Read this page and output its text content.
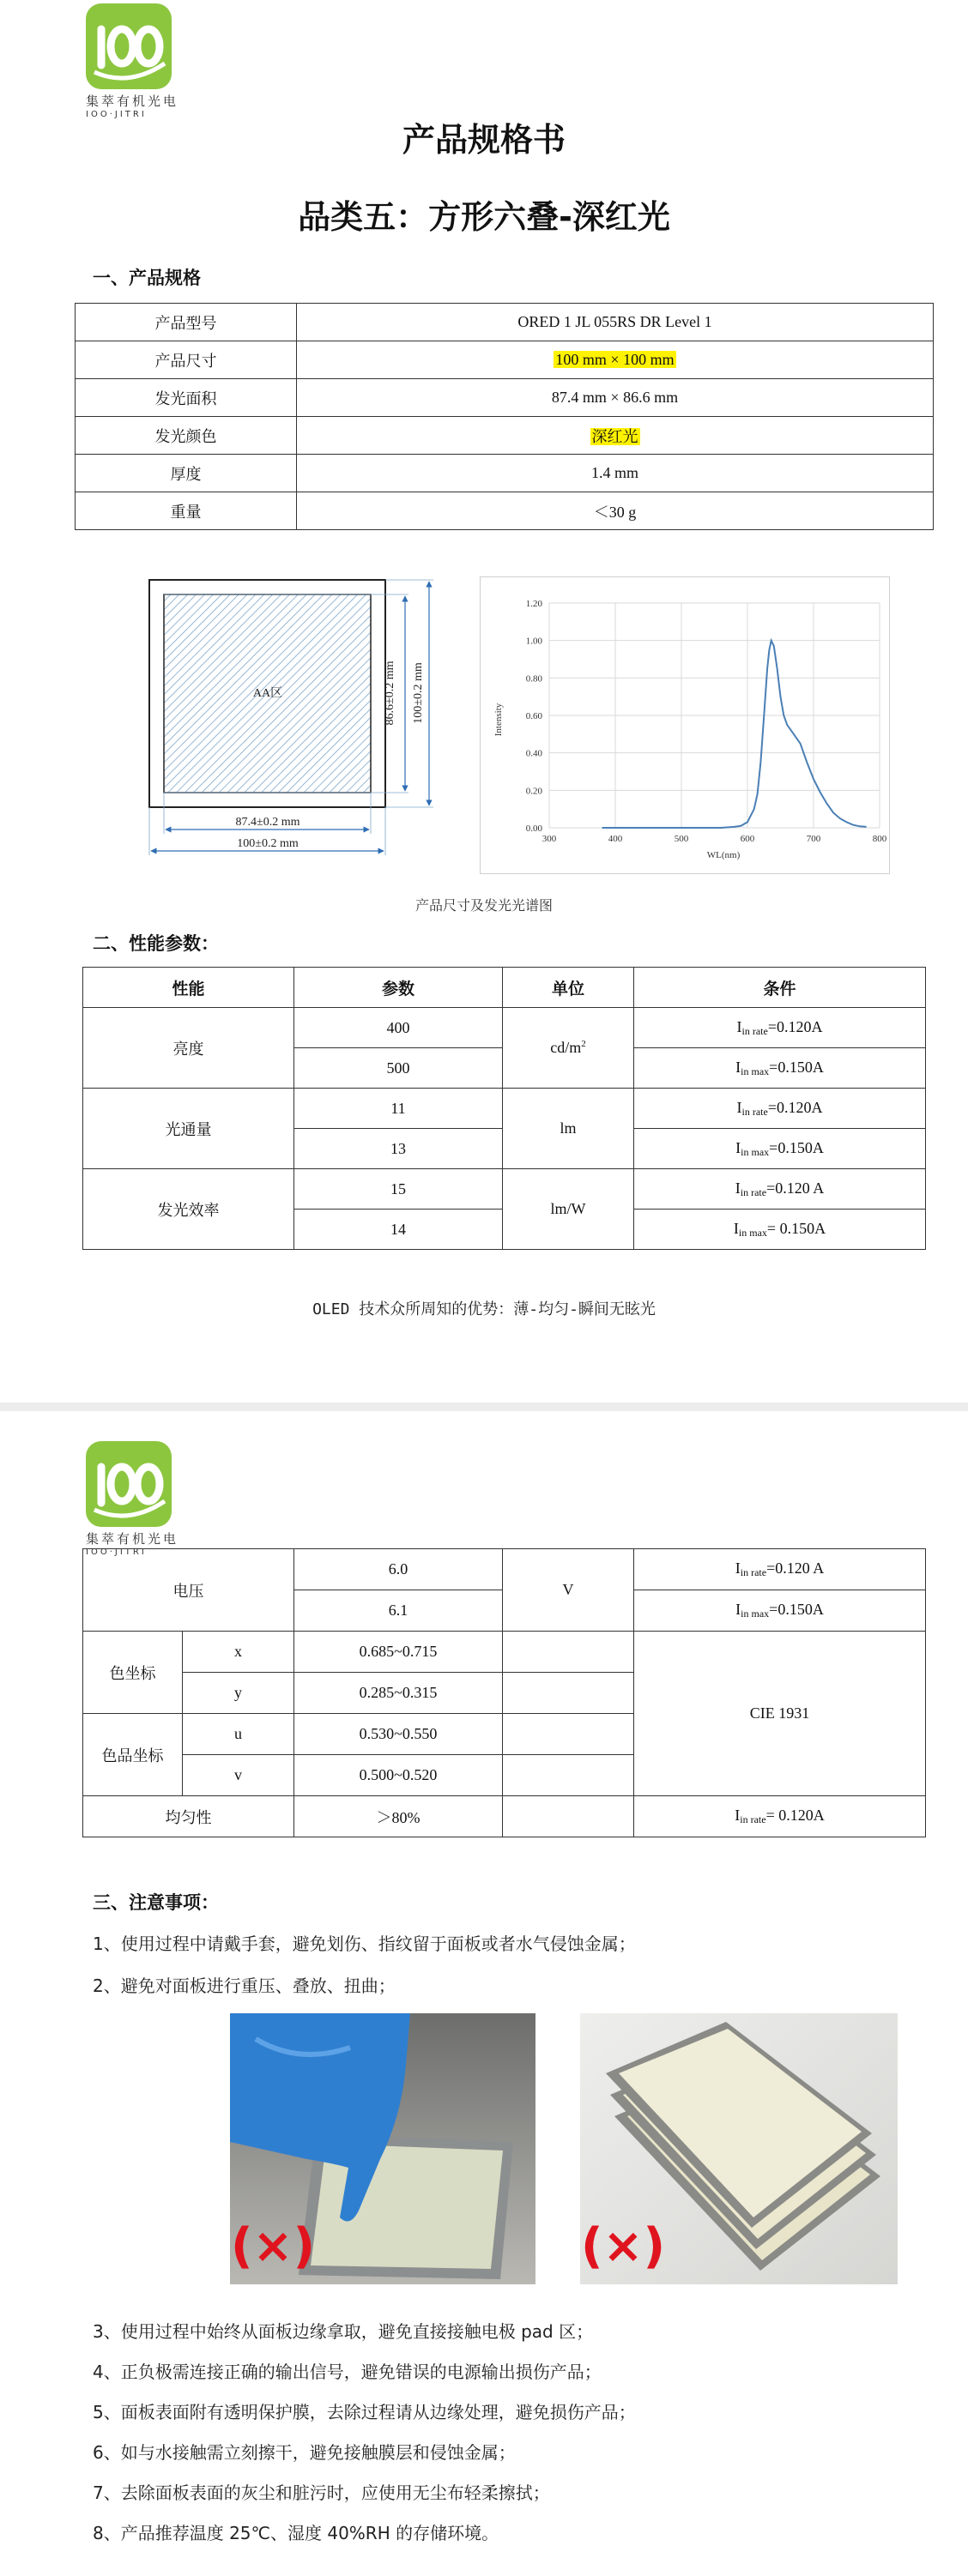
集萃有机光电
IOO·JITRI
产品规格书
品类五：方形六叠-深红光
一、产品规格
产品型号	ORED 1 JL 055RS DR Level 1
产品尺寸	100 mm × 100 mm
发光面积	87.4 mm × 86.6 mm
发光颜色	深红光
厚度	1.4 mm
重量	＜30 g
AA区	86.6±0.2 mm 100±0.2 mm
87.4±0.2 mm
100±0.2 mm
0.00
0.20
0.40
0.60
0.80
1.00
1.20
300	400	500	600	700	800
WL(nm)
Intensity
产品尺寸及发光光谱图
二、性能参数：
性能	参数	单位	条件
亮度	400	$cd/m^2$	$I_{in rate}=0.120A$
	500		$I_{in max}=0.150A$
光通量	11	lm	$I_{in rate}=0.120A$
	13		$I_{in max}=0.150A$
发光效率	15	lm/W	$I_{in rate}=0.120$ A
	14		$I_{in max}= 0.150A$
OLED 技术众所周知的优势：薄-均匀-瞬间无眩光
集萃有机光电
IOO·JITRI
电压		6.0	V	$I_{in rate}=0.120$ A
		6.1		$I_{in max}=0.150A$
色坐标	x	0.685~0.715		CIE 1931
	y	0.285~0.315		
色品坐标	u	0.530~0.550		
	v	0.500~0.520		
均匀性		＞80%		$I_{in rate}= 0.120A$
三、注意事项：
1、使用过程中请戴手套，避免划伤、指纹留于面板或者水气侵蚀金属；
2、避免对面板进行重压、叠放、扭曲；
(×)	(×)
3、使用过程中始终从面板边缘拿取，避免直接接触电极 pad 区；
4、正负极需连接正确的输出信号，避免错误的电源输出损伤产品；
5、面板表面附有透明保护膜，去除过程请从边缘处理，避免损伤产品；
6、如与水接触需立刻擦干，避免接触膜层和侵蚀金属；
7、去除面板表面的灰尘和脏污时，应使用无尘布轻柔擦拭；
8、产品推荐温度 25℃、湿度 40%RH 的存储环境。
